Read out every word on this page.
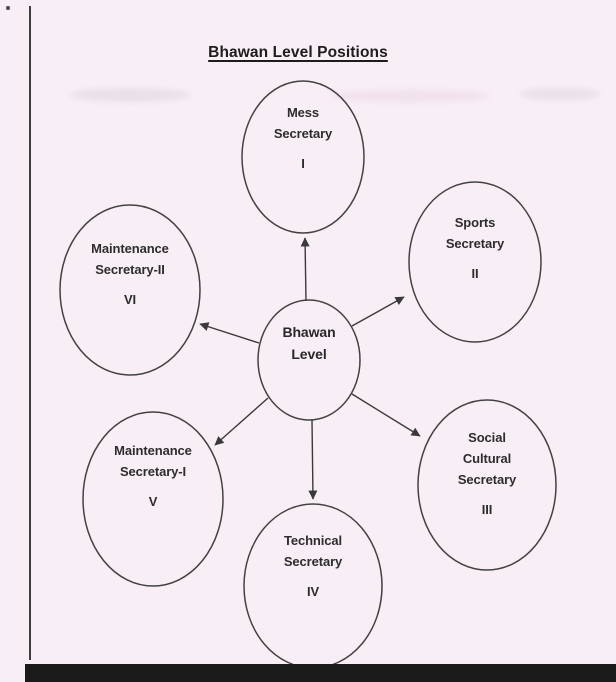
Bhawan Level Positions
Mess
Secretary
I
Sports
Secretary
II
Maintenance
Secretary-II
VI
Bhawan
Level
Social
Cultural
Secretary
III
Maintenance
Secretary-I
V
Technical
Secretary
IV
